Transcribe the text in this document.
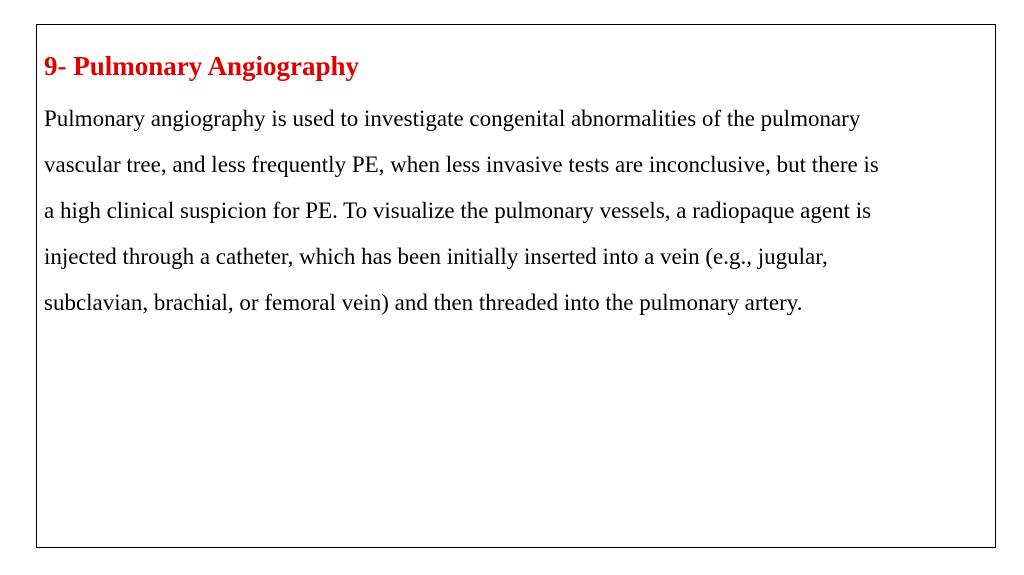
9- Pulmonary Angiography

Pulmonary angiography is used to investigate congenital abnormalities of the pulmonary
vascular tree, and less frequently PE, when less invasive tests are inconclusive, but there is
a high clinical suspicion for PE. To visualize the pulmonary vessels, a radiopaque agent is
injected through a catheter, which has been initially inserted into a vein (e.g., jugular,
subclavian, brachial, or femoral vein) and then threaded into the pulmonary artery.
